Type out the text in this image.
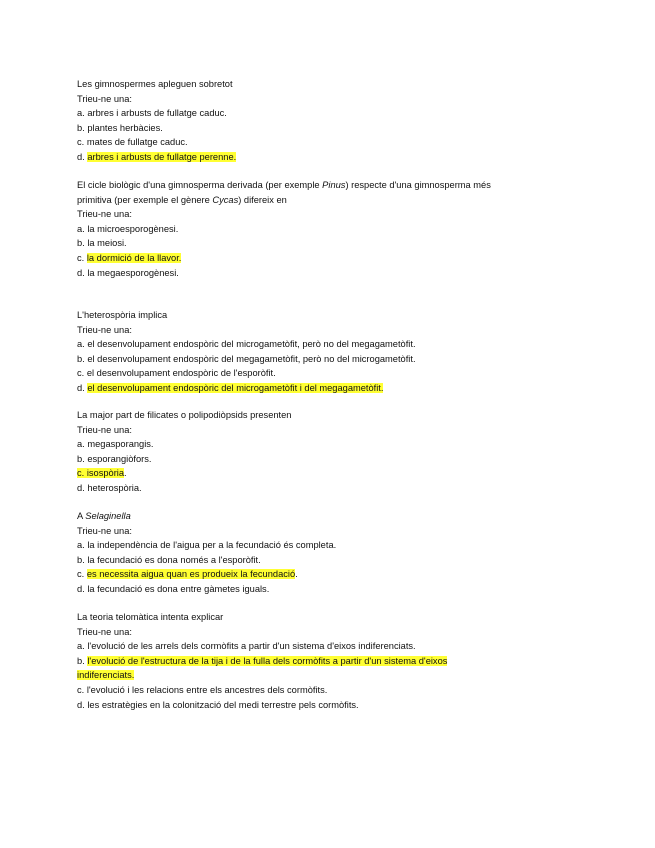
Les gimnospermes apleguen sobretot
Trieu-ne una:
a. arbres i arbusts de fullatge caduc.
b. plantes herbàcies.
c. mates de fullatge caduc.
d. arbres i arbusts de fullatge perenne.
El cicle biològic d'una gimnosperma derivada (per exemple Pinus) respecte d'una gimnosperma més
primitiva (per exemple el gènere Cycas) difereix en
Trieu-ne una:
a. la microesporogènesi.
b. la meiosi.
c. la dormició de la llavor.
d. la megaesporogènesi.
L'heterospòria implica
Trieu-ne una:
a. el desenvolupament endospòric del microgametòfit, però no del megagametòfit.
b. el desenvolupament endospòric del megagametòfit, però no del microgametòfit.
c. el desenvolupament endospòric de l'esporòfit.
d. el desenvolupament endospòric del microgametòfit i del megagametòfit.
La major part de filicates o polipodiòpsids presenten
Trieu-ne una:
a. megasporangis.
b. esporangiòfors.
c. isospòria.
d. heterospòria.
A Selaginella
Trieu-ne una:
a. la independència de l'aigua per a la fecundació és completa.
b. la fecundació es dona només a l'esporòfit.
c. es necessita aigua quan es produeix la fecundació.
d. la fecundació es dona entre gàmetes iguals.
La teoria telomàtica intenta explicar
Trieu-ne una:
a. l'evolució de les arrels dels cormòfits a partir d'un sistema d'eixos indiferenciats.
b. l'evolució de l'estructura de la tija i de la fulla dels cormòfits a partir d'un sistema d'eixos
indiferenciats.
c. l'evolució i les relacions entre els ancestres dels cormòfits.
d. les estratègies en la colonització del medi terrestre pels cormòfits.
